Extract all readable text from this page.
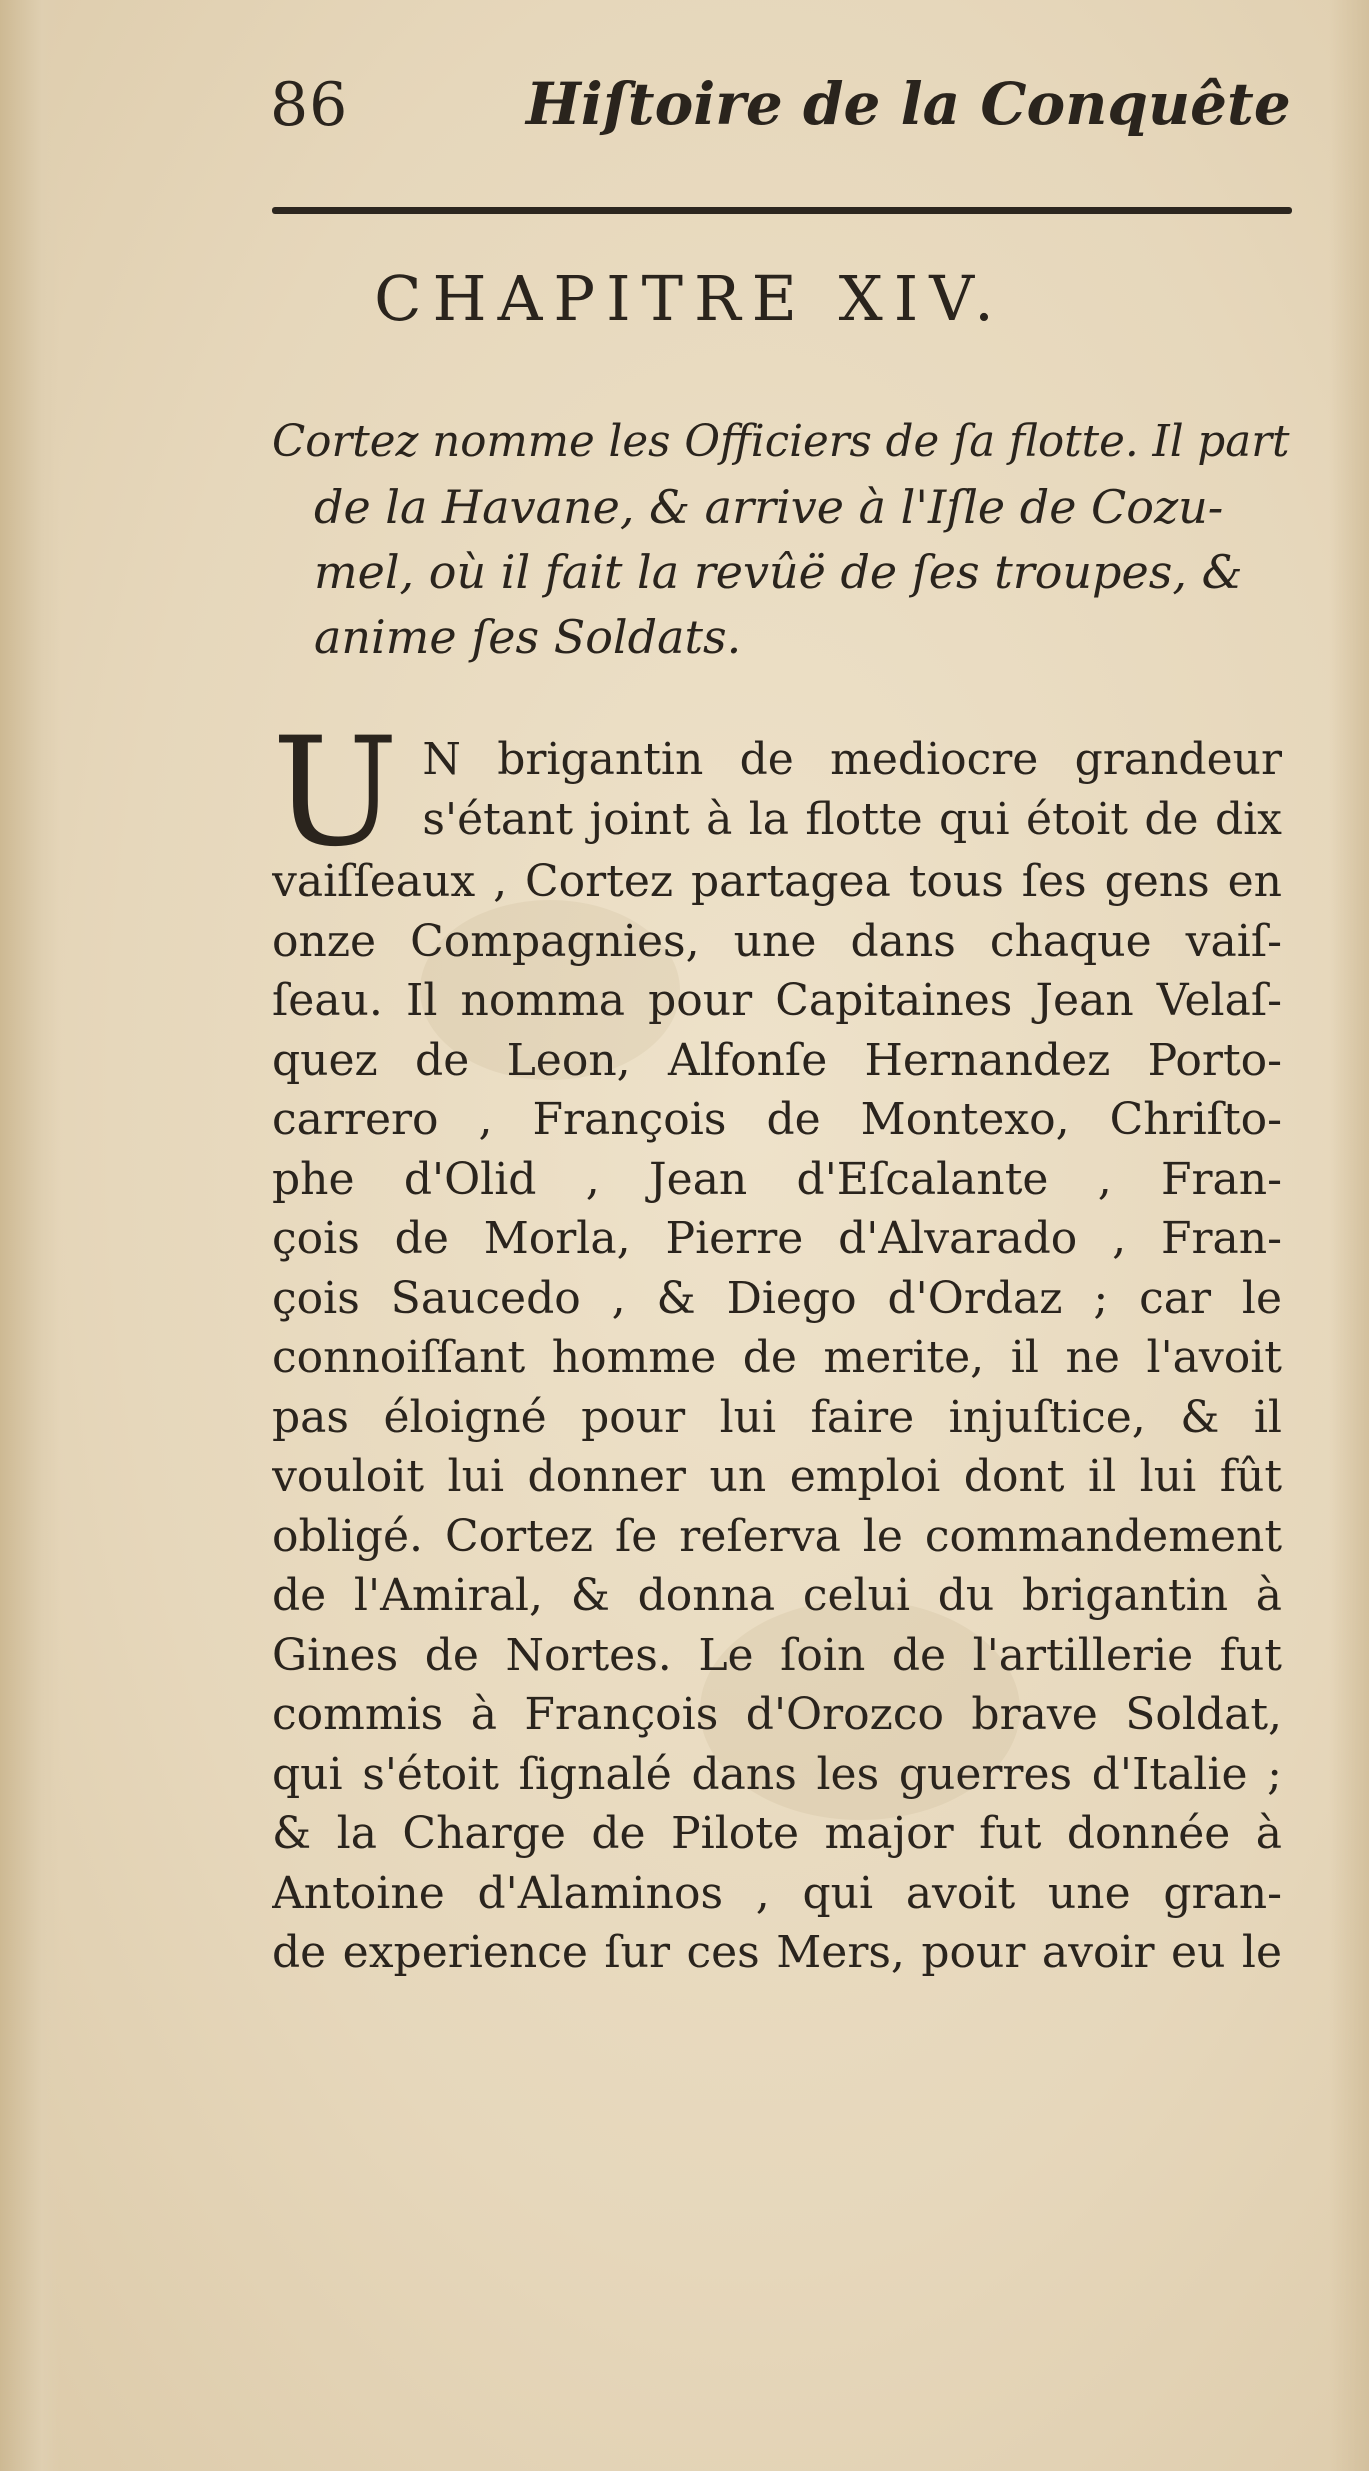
86	Hiſtoire de la Conquête
CHAPITRE XIV.
Cortez nomme les Officiers de ſa flotte. Il part
de la Havane, & arrive à l'Iſle de Cozu-
mel, où il fait la revûë de ſes troupes, &
anime ſes Soldats.
U N brigantin de mediocre grandeur
s'étant joint à la flotte qui étoit de dix
vaiſſeaux , Cortez partagea tous ſes gens en
onze Compagnies, une dans chaque vaiſ-
ſeau. Il nomma pour Capitaines Jean Velaſ-
quez de Leon, Alfonſe Hernandez Porto-
carrero , François de Montexo, Chriſto-
phe d'Olid , Jean d'Eſcalante , Fran-
çois de Morla, Pierre d'Alvarado , Fran-
çois Saucedo , & Diego d'Ordaz ; car le
connoiſſant homme de merite, il ne l'avoit
pas éloigné pour lui faire injuſtice, & il
vouloit lui donner un emploi dont il lui fût
obligé. Cortez ſe reſerva le commandement
de l'Amiral, & donna celui du brigantin à
Gines de Nortes. Le ſoin de l'artillerie fut
commis à François d'Orozco brave Soldat,
qui s'étoit ſignalé dans les guerres d'Italie ;
& la Charge de Pilote major fut donnée à
Antoine d'Alaminos , qui avoit une gran-
de experience ſur ces Mers, pour avoir eu le
